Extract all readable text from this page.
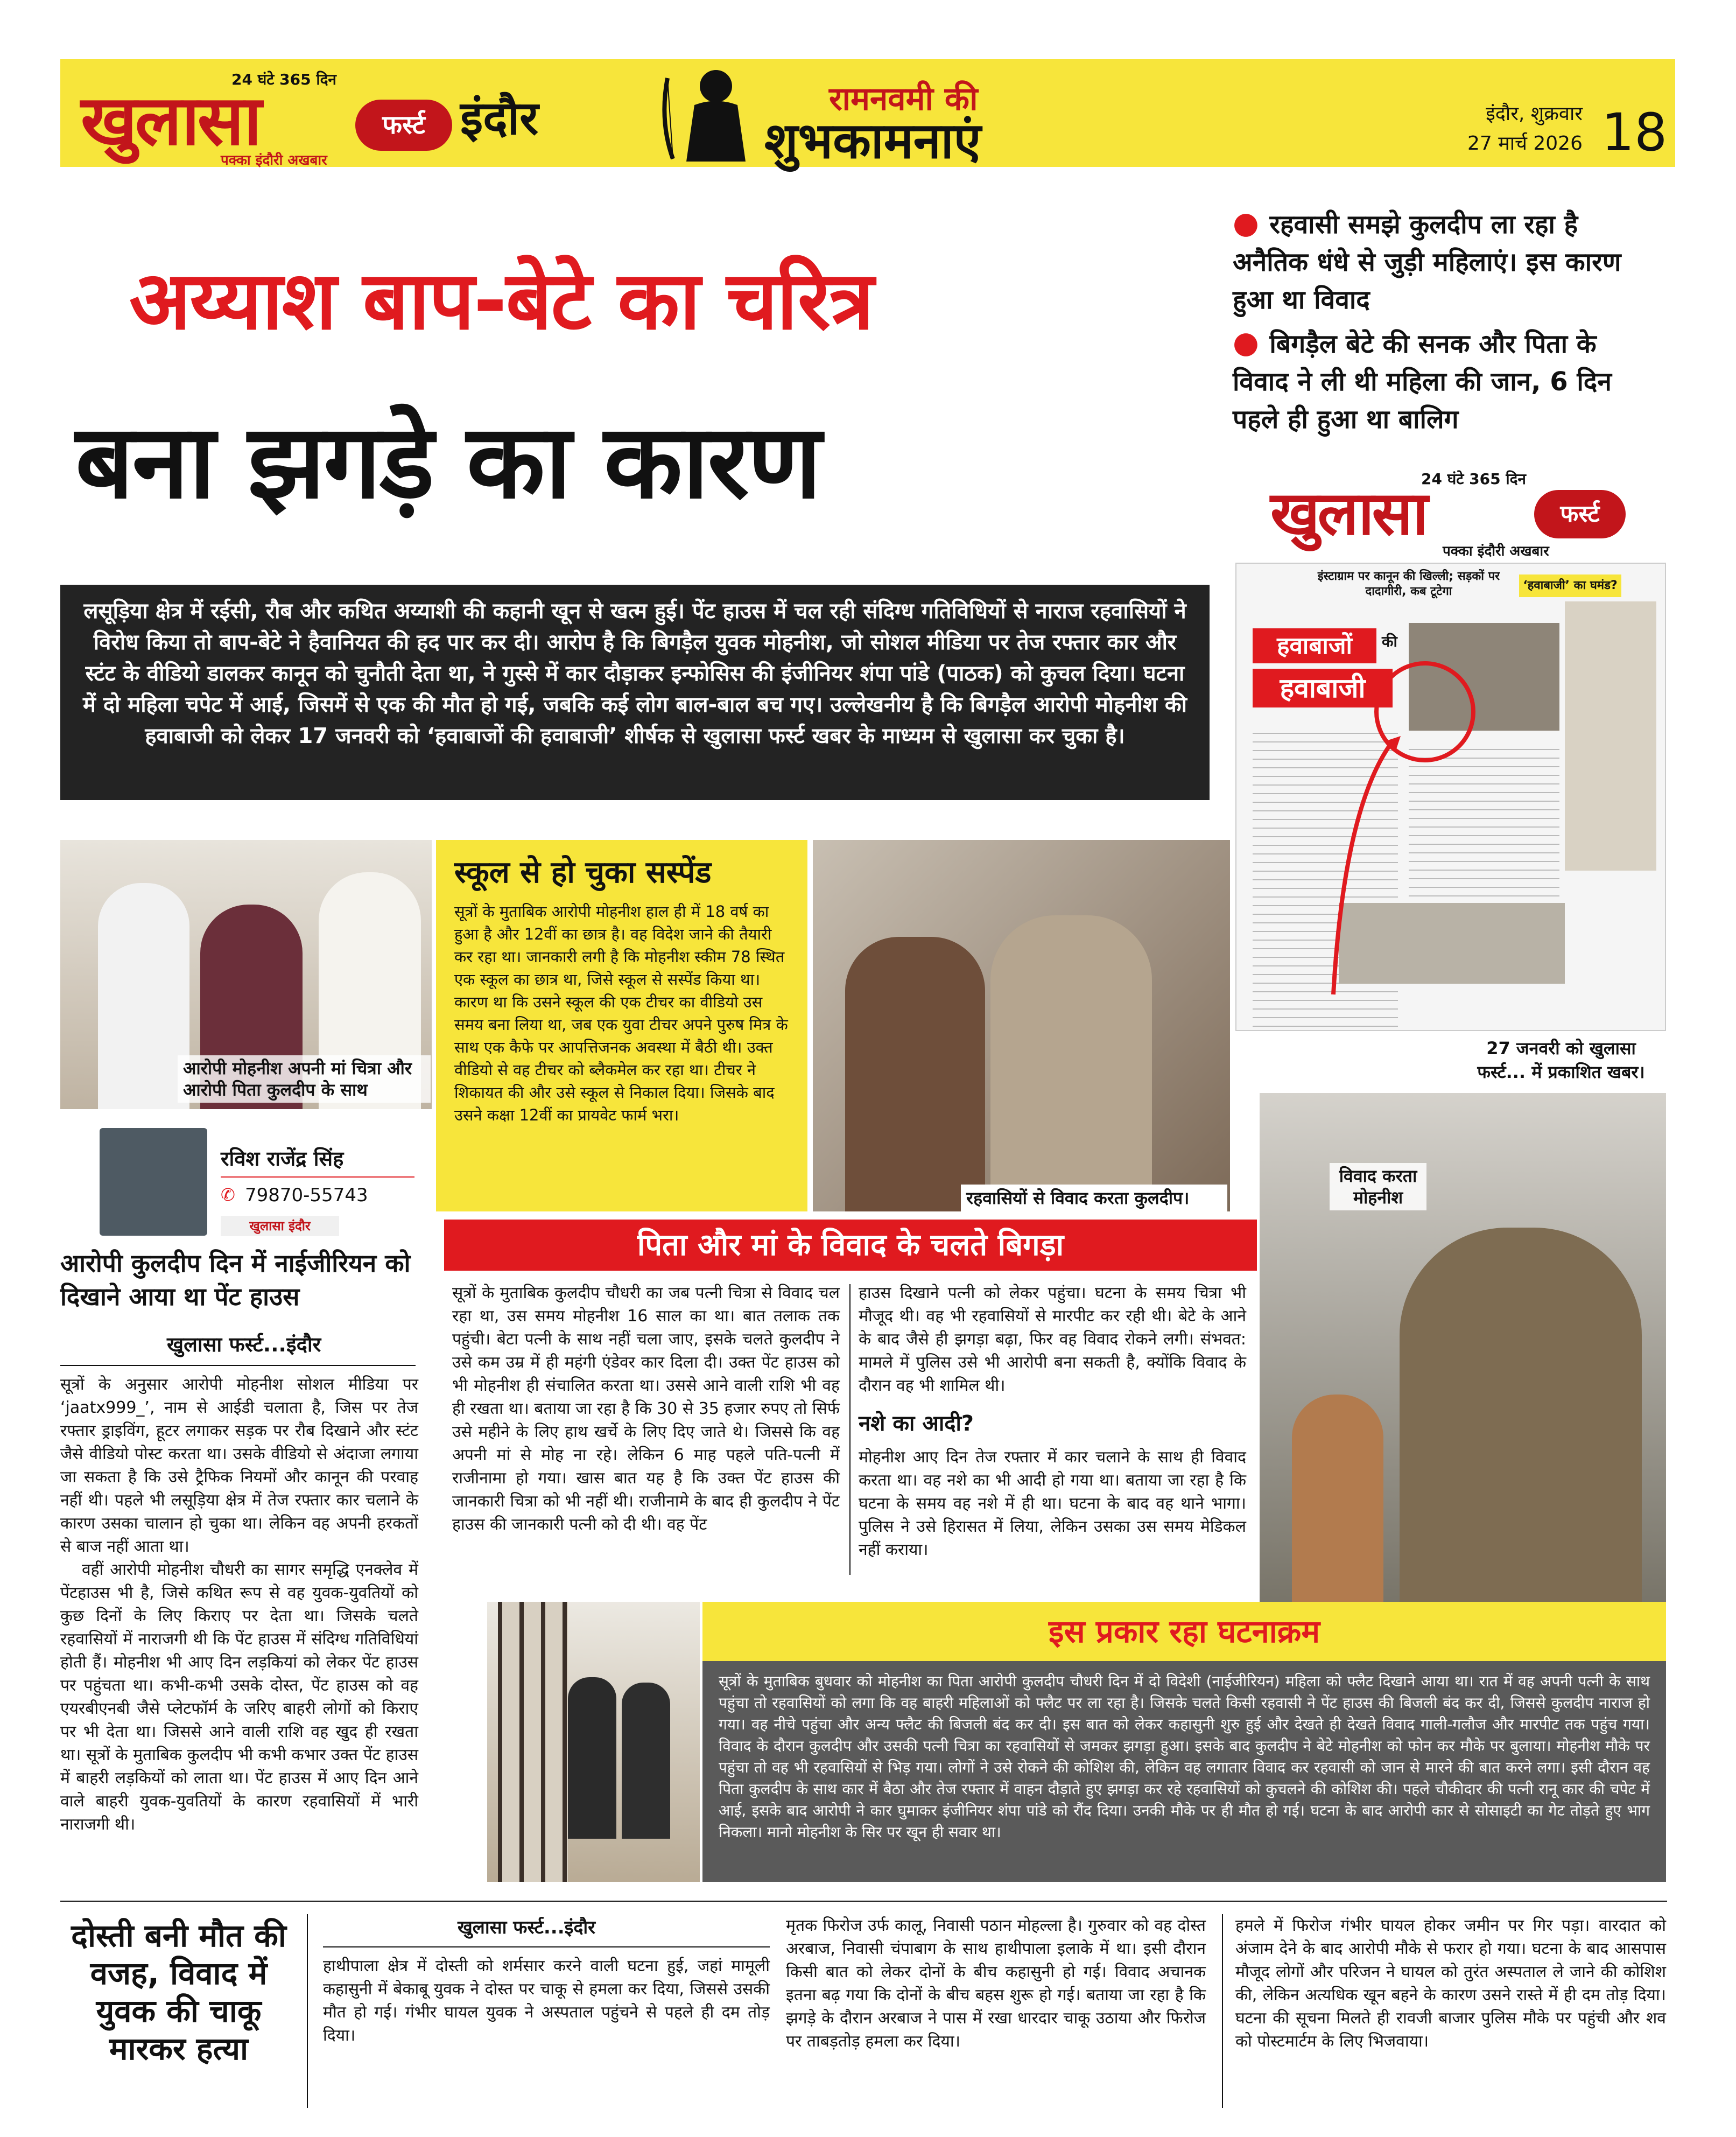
24 घंटे 365 दिन
खुलासा
पक्का इंदौरी अखबार
फर्स्ट इंदौर	रामनवमी की
शुभकामनाएं	इंदौर, शुक्रवार
27 मार्च 2026 18
अय्याश बाप-बेटे का चरित्र
बना झगड़े का कारण
● रहवासी समझे कुलदीप ला रहा है अनैतिक धंधे से जुड़ी महिलाएं। इस कारण हुआ था विवाद
● बिगड़ैल बेटे की सनक और पिता के विवाद ने ली थी महिला की जान, 6 दिन पहले ही हुआ था बालिग
24 घंटे 365 दिन
खुलासा	फर्स्ट
पक्का इंदौरी अखबार
इंस्टाग्राम पर कानून की खिल्ली; सड़कों पर दादागीरी, कब टूटेगा	‘हवाबाजी’ का घमंड?
हवाबाजों	की
हवाबाजी
27 जनवरी को खुलासा फर्स्ट... में प्रकाशित खबर।
लसूड़िया क्षेत्र में रईसी, रौब और कथित अय्याशी की कहानी खून से खत्म हुई। पेंट हाउस में चल रही संदिग्ध गतिविधियों से नाराज रहवासियों ने विरोध किया तो बाप-बेटे ने हैवानियत की हद पार कर दी। आरोप है कि बिगड़ैल युवक मोहनीश, जो सोशल मीडिया पर तेज रफ्तार कार और स्टंट के वीडियो डालकर कानून को चुनौती देता था, ने गुस्से में कार दौड़ाकर इन्फोसिस की इंजीनियर शंपा पांडे (पाठक) को कुचल दिया। घटना में दो महिला चपेट में आई, जिसमें से एक की मौत हो गई, जबकि कई लोग बाल-बाल बच गए। उल्लेखनीय है कि बिगड़ैल आरोपी मोहनीश की हवाबाजी को लेकर 17 जनवरी को ‘हवाबाजों की हवाबाजी’ शीर्षक से खुलासा फर्स्ट खबर के माध्यम से खुलासा कर चुका है।
आरोपी मोहनीश अपनी मां चित्रा और आरोपी पिता कुलदीप के साथ
रविश राजेंद्र सिंह
✆ 79870-55743
खुलासा इंदौर
स्कूल से हो चुका सस्पेंड

सूत्रों के मुताबिक आरोपी मोहनीश हाल ही में 18 वर्ष का हुआ है और 12वीं का छात्र है। वह विदेश जाने की तैयारी कर रहा था। जानकारी लगी है कि मोहनीश स्कीम 78 स्थित एक स्कूल का छात्र था, जिसे स्कूल से सस्पेंड किया था। कारण था कि उसने स्कूल की एक टीचर का वीडियो उस समय बना लिया था, जब एक युवा टीचर अपने पुरुष मित्र के साथ एक कैफे पर आपत्तिजनक अवस्था में बैठी थी। उक्त वीडियो से वह टीचर को ब्लैकमेल कर रहा था। टीचर ने शिकायत की और उसे स्कूल से निकाल दिया। जिसके बाद उसने कक्षा 12वीं का प्रायवेट फार्म भरा।

रहवासियों से विवाद करता कुलदीप।
विवाद करता मोहनीश
आरोपी कुलदीप दिन में नाईजीरियन को दिखाने आया था पेंट हाउस
खुलासा फर्स्ट...इंदौर

सूत्रों के अनुसार आरोपी मोहनीश सोशल मीडिया पर ‘jaatx999_’, नाम से आईडी चलाता है, जिस पर तेज रफ्तार ड्राइविंग, हूटर लगाकर सड़क पर रौब दिखाने और स्टंट जैसे वीडियो पोस्ट करता था। उसके वीडियो से अंदाजा लगाया जा सकता है कि उसे ट्रैफिक नियमों और कानून की परवाह नहीं थी। पहले भी लसूड़िया क्षेत्र में तेज रफ्तार कार चलाने के कारण उसका चालान हो चुका था। लेकिन वह अपनी हरकतों से बाज नहीं आता था।

वहीं आरोपी मोहनीश चौधरी का सागर समृद्धि एनक्लेव में पेंटहाउस भी है, जिसे कथित रूप से वह युवक-युवतियों को कुछ दिनों के लिए किराए पर देता था। जिसके चलते रहवासियों में नाराजगी थी कि पेंट हाउस में संदिग्ध गतिविधियां होती हैं। मोहनीश भी आए दिन लड़कियां को लेकर पेंट हाउस पर पहुंचता था। कभी-कभी उसके दोस्त, पेंट हाउस को वह एयरबीएनबी जैसे प्लेटफॉर्म के जरिए बाहरी लोगों को किराए पर भी देता था। जिससे आने वाली राशि वह खुद ही रखता था। सूत्रों के मुताबिक कुलदीप भी कभी कभार उक्त पेंट हाउस में बाहरी लड़कियों को लाता था। पेंट हाउस में आए दिन आने वाले बाहरी युवक-युवतियों के कारण रहवासियों में भारी नाराजगी थी।

पिता और मां के विवाद के चलते बिगड़ा
सूत्रों के मुताबिक कुलदीप चौधरी का जब पत्नी चित्रा से विवाद चल रहा था, उस समय मोहनीश 16 साल का था। बात तलाक तक पहुंची। बेटा पत्नी के साथ नहीं चला जाए, इसके चलते कुलदीप ने उसे कम उम्र में ही महंगी एंडेवर कार दिला दी। उक्त पेंट हाउस को भी मोहनीश ही संचालित करता था। उससे आने वाली राशि भी वह ही रखता था। बताया जा रहा है कि 30 से 35 हजार रुपए तो सिर्फ उसे महीने के लिए हाथ खर्चे के लिए दिए जाते थे। जिससे कि वह अपनी मां से मोह ना रहे। लेकिन 6 माह पहले पति-पत्नी में राजीनामा हो गया। खास बात यह है कि उक्त पेंट हाउस की जानकारी चित्रा को भी नहीं थी। राजीनामे के बाद ही कुलदीप ने पेंट हाउस की जानकारी पत्नी को दी थी। वह पेंट

हाउस दिखाने पत्नी को लेकर पहुंचा। घटना के समय चित्रा भी मौजूद थी। वह भी रहवासियों से मारपीट कर रही थी। बेटे के आने के बाद जैसे ही झगड़ा बढ़ा, फिर वह विवाद रोकने लगी। संभवत: मामले में पुलिस उसे भी आरोपी बना सकती है, क्योंकि विवाद के दौरान वह भी शामिल थी।

नशे का आदी?

मोहनीश आए दिन तेज रफ्तार में कार चलाने के साथ ही विवाद करता था। वह नशे का भी आदी हो गया था। बताया जा रहा है कि घटना के समय वह नशे में ही था। घटना के बाद वह थाने भागा। पुलिस ने उसे हिरासत में लिया, लेकिन उसका उस समय मेडिकल नहीं कराया।

इस प्रकार रहा घटनाक्रम
सूत्रों के मुताबिक बुधवार को मोहनीश का पिता आरोपी कुलदीप चौधरी दिन में दो विदेशी (नाईजीरियन) महिला को फ्लैट दिखाने आया था। रात में वह अपनी पत्नी के साथ पहुंचा तो रहवासियों को लगा कि वह बाहरी महिलाओं को फ्लैट पर ला रहा है। जिसके चलते किसी रहवासी ने पेंट हाउस की बिजली बंद कर दी, जिससे कुलदीप नाराज हो गया। वह नीचे पहुंचा और अन्य फ्लैट की बिजली बंद कर दी। इस बात को लेकर कहासुनी शुरु हुई और देखते ही देखते विवाद गाली-गलौज और मारपीट तक पहुंच गया। विवाद के दौरान कुलदीप और उसकी पत्नी चित्रा का रहवासियों से जमकर झगड़ा हुआ। इसके बाद कुलदीप ने बेटे मोहनीश को फोन कर मौके पर बुलाया। मोहनीश मौके पर पहुंचा तो वह भी रहवासियों से भिड़ गया। लोगों ने उसे रोकने की कोशिश की, लेकिन वह लगातार विवाद कर रहवासी को जान से मारने की बात करने लगा। इसी दौरान वह पिता कुलदीप के साथ कार में बैठा और तेज रफ्तार में वाहन दौड़ाते हुए झगड़ा कर रहे रहवासियों को कुचलने की कोशिश की। पहले चौकीदार की पत्नी रानू कार की चपेट में आई, इसके बाद आरोपी ने कार घुमाकर इंजीनियर शंपा पांडे को रौंद दिया। उनकी मौके पर ही मौत हो गई। घटना के बाद आरोपी कार से सोसाइटी का गेट तोड़ते हुए भाग निकला। मानो मोहनीश के सिर पर खून ही सवार था।
दोस्ती बनी मौत की वजह, विवाद में युवक की चाकू मारकर हत्या
खुलासा फर्स्ट...इंदौर
हाथीपाला क्षेत्र में दोस्ती को शर्मसार करने वाली घटना हुई, जहां मामूली कहासुनी में बेकाबू युवक ने दोस्त पर चाकू से हमला कर दिया, जिससे उसकी मौत हो गई। गंभीर घायल युवक ने अस्पताल पहुंचने से पहले ही दम तोड़ दिया।
मृतक फिरोज उर्फ कालू, निवासी पठान मोहल्ला है। गुरुवार को वह दोस्त अरबाज, निवासी चंपाबाग के साथ हाथीपाला इलाके में था। इसी दौरान किसी बात को लेकर दोनों के बीच कहासुनी हो गई। विवाद अचानक इतना बढ़ गया कि दोनों के बीच बहस शुरू हो गई। बताया जा रहा है कि झगड़े के दौरान अरबाज ने पास में रखा धारदार चाकू उठाया और फिरोज पर ताबड़तोड़ हमला कर दिया।
हमले में फिरोज गंभीर घायल होकर जमीन पर गिर पड़ा। वारदात को अंजाम देने के बाद आरोपी मौके से फरार हो गया। घटना के बाद आसपास मौजूद लोगों और परिजन ने घायल को तुरंत अस्पताल ले जाने की कोशिश की, लेकिन अत्यधिक खून बहने के कारण उसने रास्ते में ही दम तोड़ दिया। घटना की सूचना मिलते ही रावजी बाजार पुलिस मौके पर पहुंची और शव को पोस्टमार्टम के लिए भिजवाया।
